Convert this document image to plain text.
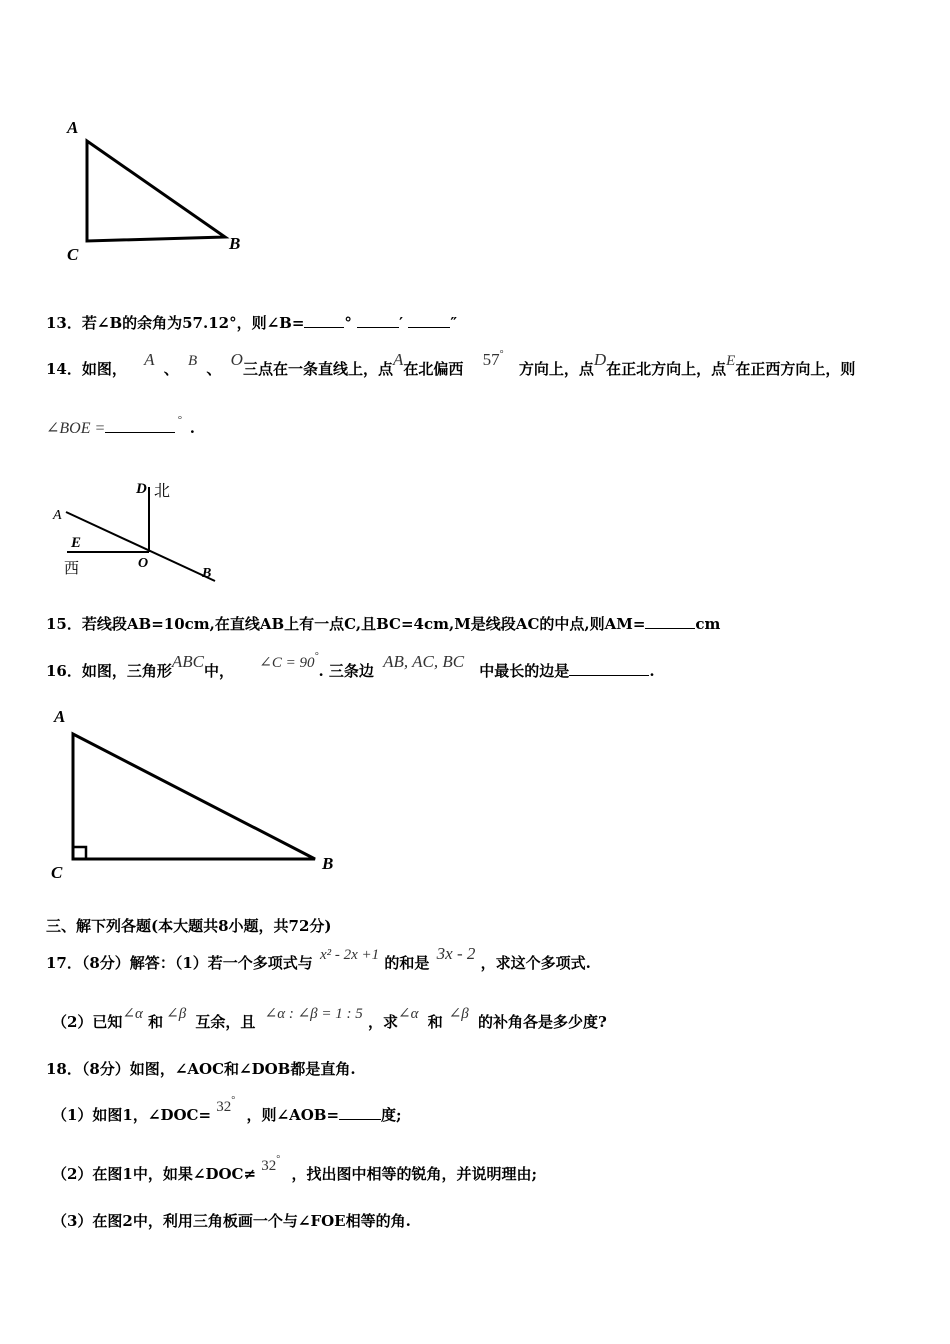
A
C
B
13．若∠B的余角为57.12°，则∠B=	°	′	″
14．如图， A 、 B 、 O三点在一条直线上，点A在北偏西 57° 方向上，点D在正北方向上，点E在正西方向上，则
∠BOE =	° .
D 北
A
E
西	O
B
15．若线段AB=10cm,在直线AB上有一点C,且BC=4cm,M是线段AC的中点,则AM=	cm
16．如图，三角形ABC中， ∠C = 90°. 三条边 AB, AC, BC 中最长的边是	.
A
C	B
三、解下列各题(本大题共8小题，共72分)
17．（8分）解答：（1）若一个多项式与 x² - 2x +1 的和是 3x - 2 ，求这个多项式.
（2）已知∠α 和 ∠β 互余，且 ∠α : ∠β = 1 : 5 ，求∠α 和 ∠β 的补角各是多少度?
18．（8分）如图，∠AOC和∠DOB都是直角.
（1）如图1，∠DOC= 32° ，则∠AOB=	度;
（2）在图1中，如果∠DOC≠ 32° ，找出图中相等的锐角，并说明理由;
（3）在图2中，利用三角板画一个与∠FOE相等的角.
